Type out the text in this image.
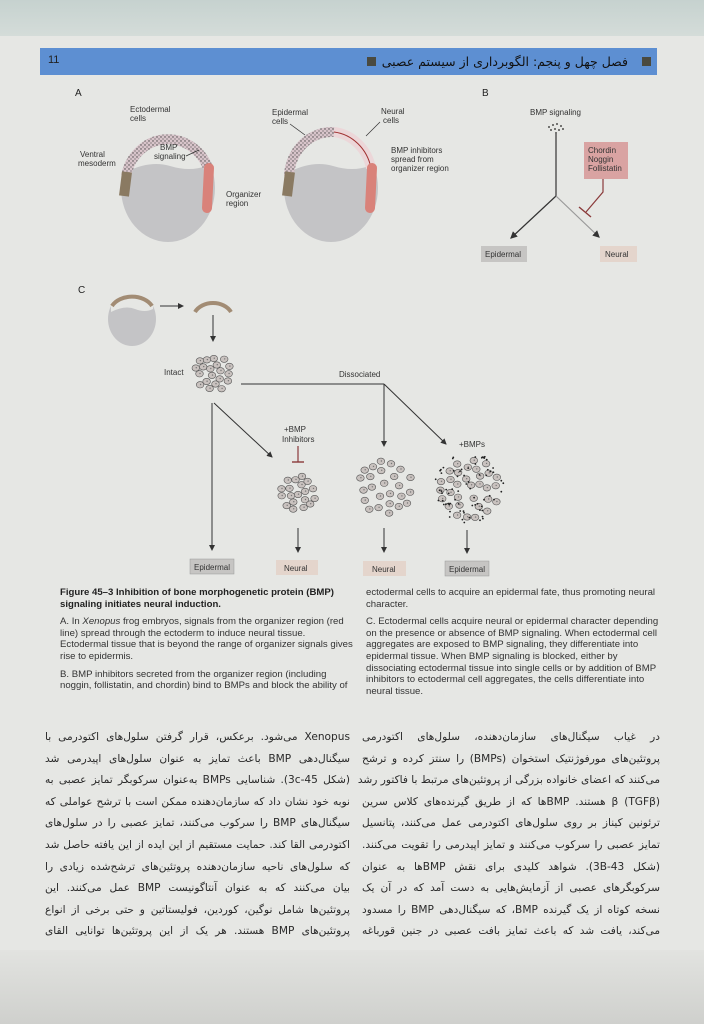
فصل چهل و پنجم: الگوبرداری از سیستم عصبی
11
A
Ectodermal
cells
BMP
signaling
Ventral
mesoderm
Organizer
region
Epidermal
cells
Neural
cells
BMP inhibitors
spread from
organizer region
B
BMP signaling
Chordin
Noggin
Follistatin
Epidermal	Neural
C
Intact	Dissociated
+BMP
Inhibitors
+BMPs
Epidermal	Neural	Neural	Epidermal

Figure 45–3 Inhibition of bone morphogenetic protein (BMP) signaling initiates neural induction.

A. In Xenopus frog embryos, signals from the organizer region (red line) spread through the ectoderm to induce neural tissue. Ectodermal tissue that is beyond the range of organizer signals gives rise to epidermis.

B. BMP inhibitors secreted from the organizer region (including noggin, follistatin, and chordin) bind to BMPs and block the ability of ectodermal cells to acquire an epidermal fate, thus promoting neural character.

C. Ectodermal cells acquire neural or epidermal character depending on the presence or absence of BMP signaling. When ectodermal cell aggregates are exposed to BMP signaling, they differentiate into epidermal tissue. When BMP signaling is blocked, either by dissociating ectodermal tissue into single cells or by addition of BMP inhibitors to ectodermal cell aggregates, the cells differentiate into neural tissue.

در غیاب سیگنال‌های سازمان‌دهنده، سلول‌های اکتودرمی
پروتئین‌های مورفوژنتیک استخوان (BMPs) را سنتز کرده و ترشح
می‌کنند که اعضای خانواده بزرگی از پروتئین‌های مرتبط با فاکتور رشد
β (TGFβ) هستند. BMPها که از طریق گیرنده‌های کلاس سرین
ترئونین کیناز بر روی سلول‌های اکتودرمی عمل می‌کنند، پتانسیل
تمایز عصبی را سرکوب می‌کنند و تمایز اپیدرمی را تقویت می‌کنند.
(شکل 43-3B). شواهد کلیدی برای نقش BMPها به عنوان
سرکوبگرهای عصبی از آزمایش‌هایی به دست آمد که در آن یک
نسخه کوتاه از یک گیرنده BMP، که سیگنال‌دهی BMP را مسدود
می‌کند، یافت شد که باعث تمایز بافت عصبی در جنین قورباغه
Xenopus می‌شود. برعکس، قرار گرفتن سلول‌های اکتودرمی با
سیگنال‌دهی BMP باعث تمایز به عنوان سلول‌های اپیدرمی شد
(شکل 45-3c). شناسایی BMPs به‌عنوان سرکوبگر تمایز عصبی به
نوبه خود نشان داد که سازمان‌دهنده ممکن است با ترشح عواملی که
سیگنال‌های BMP را سرکوب می‌کنند، تمایز عصبی را در سلول‌های
اکتودرمی القا کند. حمایت مستقیم از این ایده از این یافته حاصل شد
که سلول‌های ناحیه سازمان‌دهنده پروتئین‌های ترشح‌شده زیادی را
بیان می‌کنند که به عنوان آنتاگونیست BMP عمل می‌کنند. این
پروتئین‌ها شامل نوگین، کوردین، فولیستاتین و حتی برخی از انواع
پروتئین‌های BMP هستند. هر یک از این پروتئین‌ها توانایی القای
